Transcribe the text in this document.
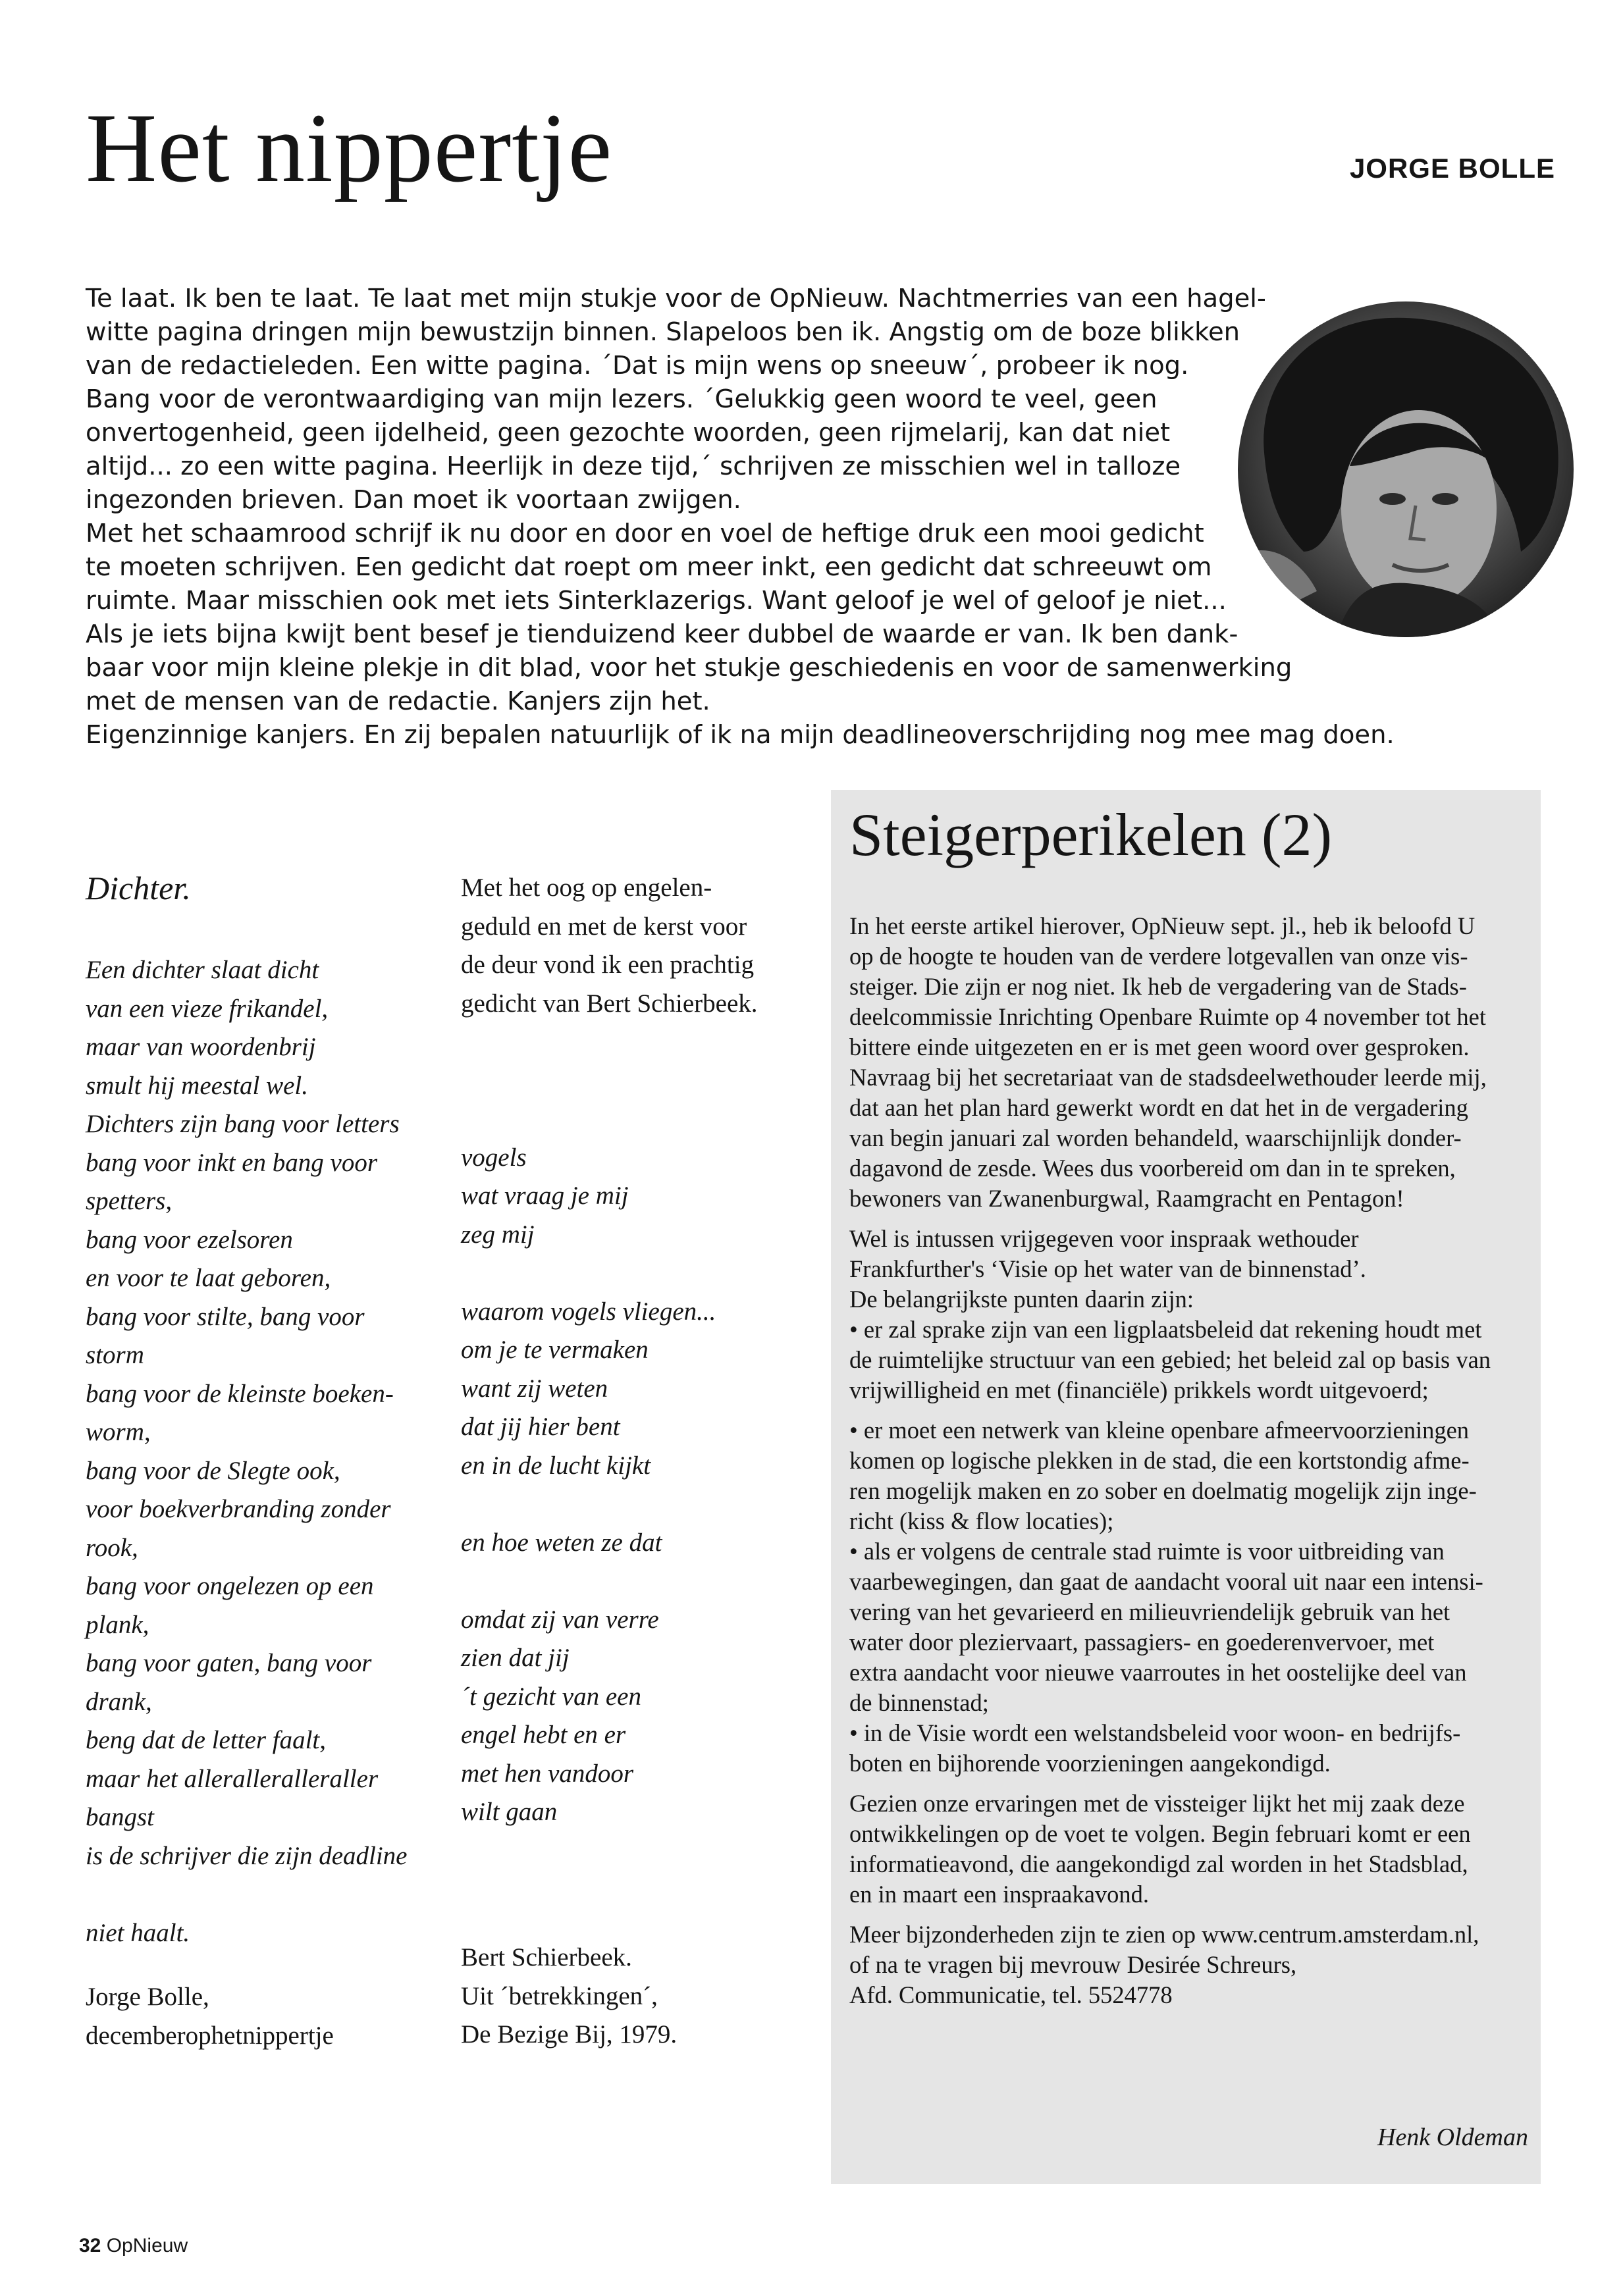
Het nippertje	JORGE BOLLE
Te laat. Ik ben te laat. Te laat met mijn stukje voor de OpNieuw. Nachtmerries van een hagel-
witte pagina dringen mijn bewustzijn binnen. Slapeloos ben ik. Angstig om de boze blikken
van de redactieleden. Een witte pagina. ´Dat is mijn wens op sneeuw´, probeer ik nog.
Bang voor de verontwaardiging van mijn lezers. ´Gelukkig geen woord te veel, geen
onvertogenheid, geen ijdelheid, geen gezochte woorden, geen rijmelarij, kan dat niet
altijd... zo een witte pagina. Heerlijk in deze tijd,´ schrijven ze misschien wel in talloze
ingezonden brieven. Dan moet ik voortaan zwijgen.
Met het schaamrood schrijf ik nu door en door en voel de heftige druk een mooi gedicht
te moeten schrijven. Een gedicht dat roept om meer inkt, een gedicht dat schreeuwt om
ruimte. Maar misschien ook met iets Sinterklazerigs. Want geloof je wel of geloof je niet...
Als je iets bijna kwijt bent besef je tienduizend keer dubbel de waarde er van. Ik ben dank-
baar voor mijn kleine plekje in dit blad, voor het stukje geschiedenis en voor de samenwerking
met de mensen van de redactie. Kanjers zijn het.
Eigenzinnige kanjers. En zij bepalen natuurlijk of ik na mijn deadlineoverschrijding nog mee mag doen.
Dichter.
Een dichter slaat dicht
van een vieze frikandel,
maar van woordenbrij
smult hij meestal wel.
Dichters zijn bang voor letters
bang voor inkt en bang voor
spetters,
bang voor ezelsoren
en voor te laat geboren,
bang voor stilte, bang voor
storm
bang voor de kleinste boeken-
worm,
bang voor de Slegte ook,
voor boekverbranding zonder
rook,
bang voor ongelezen op een
plank,
bang voor gaten, bang voor
drank,
beng dat de letter faalt,
maar het alleralleralleraller
bangst
is de schrijver die zijn deadline

niet haalt.
Jorge Bolle,
decemberophetnippertje
Met het oog op engelen-
geduld en met de kerst voor
de deur vond ik een prachtig
gedicht van Bert Schierbeek.

vogels
wat vraag je mij
zeg mij

waarom vogels vliegen...
om je te vermaken
want zij weten
dat jij hier bent
en in de lucht kijkt

en hoe weten ze dat

omdat zij van verre
zien dat jij
´t gezicht van een
engel hebt en er
met hen vandoor
wilt gaan
Bert Schierbeek.
Uit ´betrekkingen´,
De Bezige Bij, 1979.
Steigerperikelen (2)
In het eerste artikel hierover, OpNieuw sept. jl., heb ik beloofd U
op de hoogte te houden van de verdere lotgevallen van onze vis-
steiger. Die zijn er nog niet. Ik heb de vergadering van de Stads-
deelcommissie Inrichting Openbare Ruimte op 4 november tot het
bittere einde uitgezeten en er is met geen woord over gesproken.
Navraag bij het secretariaat van de stadsdeelwethouder leerde mij,
dat aan het plan hard gewerkt wordt en dat het in de vergadering
van begin januari zal worden behandeld, waarschijnlijk donder-
dagavond de zesde. Wees dus voorbereid om dan in te spreken,
bewoners van Zwanenburgwal, Raamgracht en Pentagon!
Wel is intussen vrijgegeven voor inspraak wethouder
Frankfurther's ‘Visie op het water van de binnenstad’.
De belangrijkste punten daarin zijn:
• er zal sprake zijn van een ligplaatsbeleid dat rekening houdt met
de ruimtelijke structuur van een gebied; het beleid zal op basis van
vrijwilligheid en met (financiële) prikkels wordt uitgevoerd;
• er moet een netwerk van kleine openbare afmeervoorzieningen
komen op logische plekken in de stad, die een kortstondig afme-
ren mogelijk maken en zo sober en doelmatig mogelijk zijn inge-
richt (kiss & flow locaties);
• als er volgens de centrale stad ruimte is voor uitbreiding van
vaarbewegingen, dan gaat de aandacht vooral uit naar een intensi-
vering van het gevarieerd en milieuvriendelijk gebruik van het
water door pleziervaart, passagiers- en goederenvervoer, met
extra aandacht voor nieuwe vaarroutes in het oostelijke deel van
de binnenstad;
• in de Visie wordt een welstandsbeleid voor woon- en bedrijfs-
boten en bijhorende voorzieningen aangekondigd.
Gezien onze ervaringen met de vissteiger lijkt het mij zaak deze
ontwikkelingen op de voet te volgen. Begin februari komt er een
informatieavond, die aangekondigd zal worden in het Stadsblad,
en in maart een inspraakavond.
Meer bijzonderheden zijn te zien op www.centrum.amsterdam.nl,
of na te vragen bij mevrouw Desirée Schreurs,
Afd. Communicatie, tel. 5524778
Henk Oldeman
32 OpNieuw
